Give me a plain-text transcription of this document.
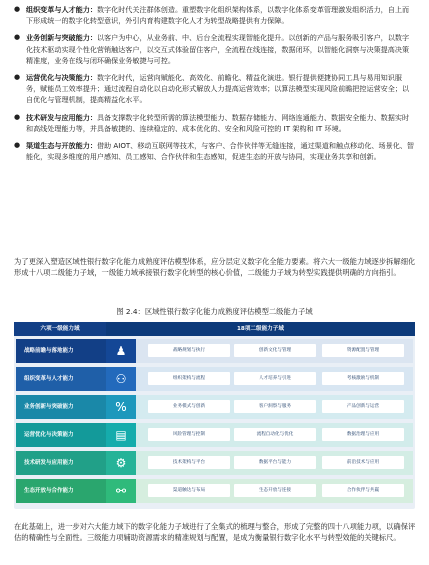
● 组织变革与人才能力：数字化时代关注群体创造。重塑数字化组织架构体系，以数字化体系变革管理激发组织活力，自上而下形成统一的数字化转型意识，外引内育构建数字化人才为转型战略提供有力保障。
● 业务创新与突破能力：以客户为中心，从业务前、中、后台全流程实现智能化提升。以创新的产品与服务吸引客户，以数字化技术驱动实现个性化营销触达客户，以交互式体验留住客户，全流程在线连接，数据闭环，以智能化洞察与决策提高决策精准度，业务在线与闭环确保业务敏捷与可控。
● 运营优化与决策能力：数字化时代，运营向赋能化、高效化、前瞻化、精益化演进。银行提供便捷协同工具与易用知识服务，赋能员工效率提升；通过流程自动化以自动化形式解放人力提高运营效率；以算法模型实现风险前瞻把控运营安全；以自优化与管理机制，提高精益化水平。
● 技术研发与应用能力：具备支撑数字化转型所需的算法模型能力、数据存储能力、网络连通能力、数据安全能力、数据实时和高线处理能力等，并具备敏捷的、连续稳定的、成本优化的、安全和风险可控的 IT 架构和 IT 环境。
● 渠道生态与开放能力：借助 AIOT、移动互联网等技术，与客户、合作伙伴等无缝连接，通过渠道和触点移动化、场景化、智能化，实现多维度的用户感知、员工感知、合作伙伴和生态感知，促进生态的开放与协同，实现业务共享和创新。
为了更深入塑造区域性银行数字化能力成熟度评估模型体系，应分层定义数字化全能力要素。将六大一级能力域逐步拆解细化形成十八项二级能力子域，一级能力域承接银行数字化转型的核心价值，二级能力子域为转型实践提供明确的方向指引。
图 2.4：区域性银行数字化能力成熟度评估模型二级能力子域
六项一级能力域	18项二级能力子域
战略前瞻与落地能力	♟	战略规划与执行	创新文化与管理	资源配置与管理
组织变革与人才能力	⚇	组织架构与流程	人才培养与引进	考核激励与机制
业务创新与突破能力	%	业务模式与创新	客户洞察与服务	产品创新与运营
运营优化与决策能力	▤	风险管理与控制	流程自动化与优化	数据治理与应用
技术研发与应用能力	⚙	技术架构与平台	数据平台与能力	前沿技术与应用
生态开放与合作能力	⚯	渠道触达与布局	生态开放与连接	合作伙伴与共赢
在此基础上，进一步对六大能力域下的数字化能力子域进行了全集式的梳理与整合，形成了完整的四十八项能力项，以确保评估的精确性与全面性。三级能力项辅助资源需求的精准规划与配置，是成为衡量银行数字化水平与转型效能的关键标尺。
